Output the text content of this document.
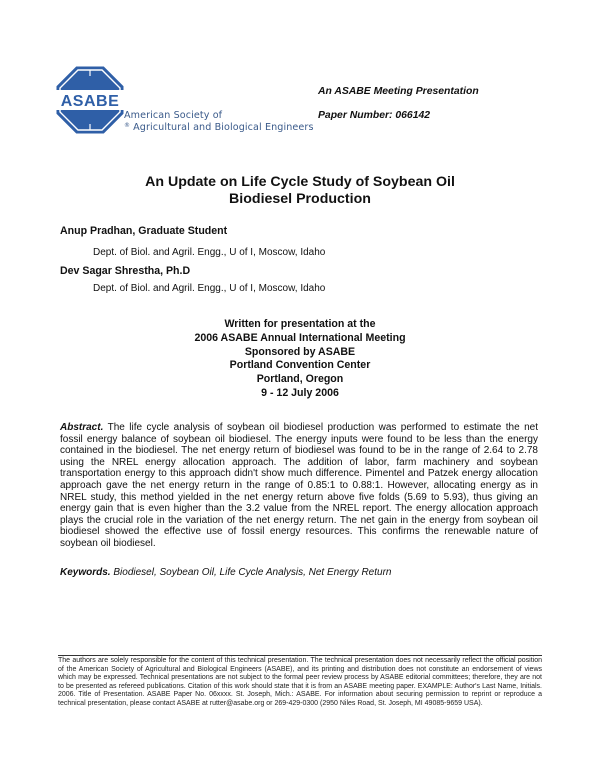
ASABE
American Society of
® Agricultural and Biological Engineers
An ASABE Meeting Presentation
Paper Number: 066142
An Update on Life Cycle Study of Soybean Oil
Biodiesel Production
Anup Pradhan, Graduate Student
Dept. of Biol. and Agril. Engg., U of I, Moscow, Idaho
Dev Sagar Shrestha, Ph.D
Dept. of Biol. and Agril. Engg., U of I, Moscow, Idaho
Written for presentation at the
2006 ASABE Annual International Meeting
Sponsored by ASABE
Portland Convention Center
Portland, Oregon
9 - 12 July 2006
Abstract. The life cycle analysis of soybean oil biodiesel production was performed to estimate the net fossil energy balance of soybean oil biodiesel. The energy inputs were found to be less than the energy contained in the biodiesel. The net energy return of biodiesel was found to be in the range of 2.64 to 2.78 using the NREL energy allocation approach. The addition of labor, farm machinery and soybean transportation energy to this approach didn't show much difference. Pimentel and Patzek energy allocation approach gave the net energy return in the range of 0.85:1 to 0.88:1. However, allocating energy as in NREL study, this method yielded in the net energy return above five folds (5.69 to 5.93), thus giving an energy gain that is even higher than the 3.2 value from the NREL report. The energy allocation approach plays the crucial role in the variation of the net energy return. The net gain in the energy from soybean oil biodiesel showed the effective use of fossil energy resources. This confirms the renewable nature of soybean oil biodiesel.
Keywords. Biodiesel, Soybean Oil, Life Cycle Analysis, Net Energy Return
The authors are solely responsible for the content of this technical presentation. The technical presentation does not necessarily reflect the official position of the American Society of Agricultural and Biological Engineers (ASABE), and its printing and distribution does not constitute an endorsement of views which may be expressed. Technical presentations are not subject to the formal peer review process by ASABE editorial committees; therefore, they are not to be presented as refereed publications. Citation of this work should state that it is from an ASABE meeting paper. EXAMPLE: Author's Last Name, Initials. 2006. Title of Presentation. ASABE Paper No. 06xxxx. St. Joseph, Mich.: ASABE. For information about securing permission to reprint or reproduce a technical presentation, please contact ASABE at rutter@asabe.org or 269-429-0300 (2950 Niles Road, St. Joseph, MI 49085-9659 USA).
